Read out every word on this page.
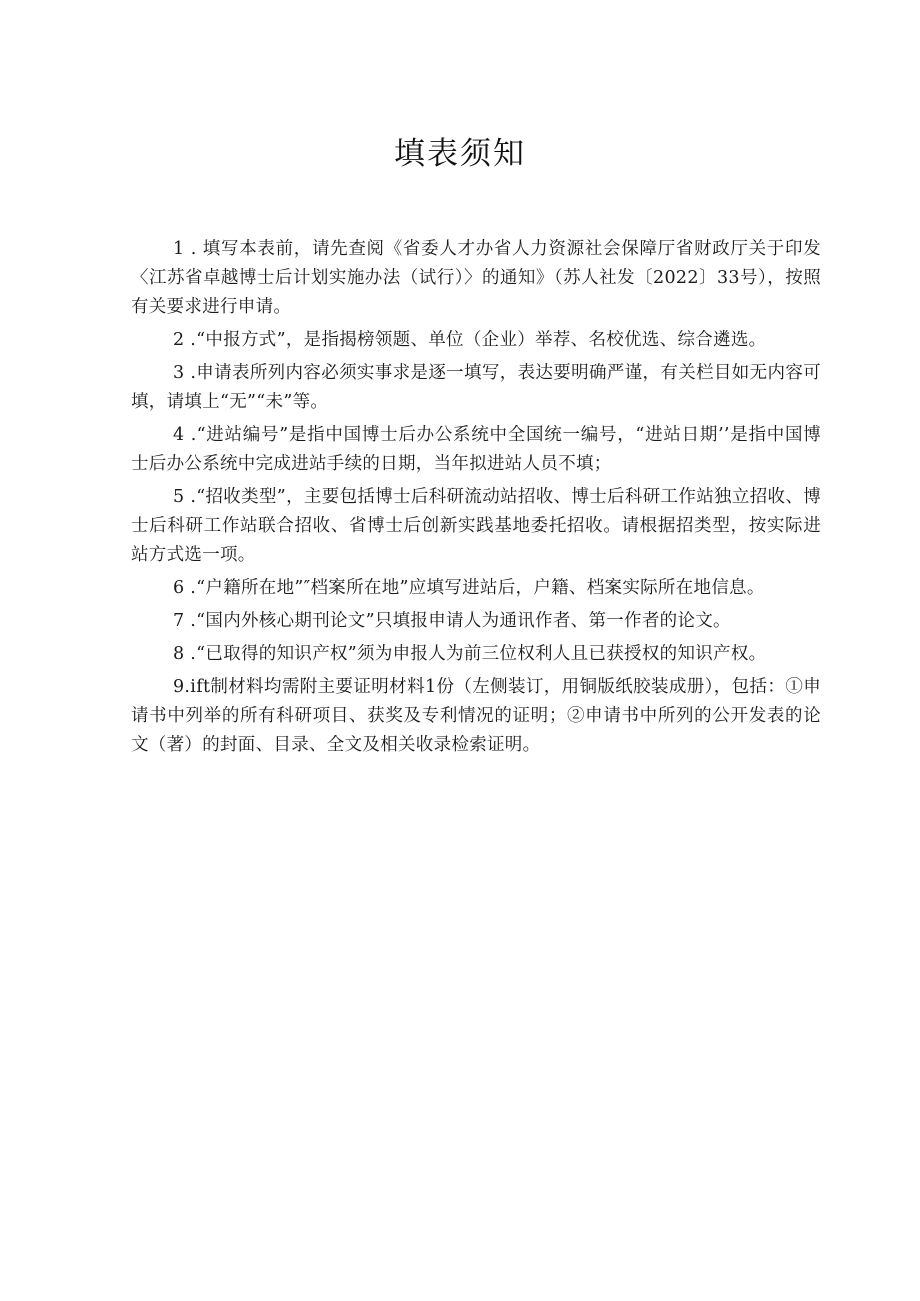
填表须知
1 . 填写本表前，请先查阅《省委人才办省人力资源社会保障厅省财政厅关于印发〈江苏省卓越博士后计划实施办法（试行）〉的通知》（苏人社发〔2022〕33号），按照有关要求进行申请。
2 .“中报方式”，是指揭榜领题、单位（企业）举荐、名校优选、综合遴选。
3 .申请表所列内容必须实事求是逐一填写，表达要明确严谨，有关栏目如无内容可填，请填上“无”“未”等。
4 .“进站编号”是指中国博士后办公系统中全国统一编号，“进站日期’’是指中国博士后办公系统中完成进站手续的日期，当年拟进站人员不填；
5 .“招收类型”，主要包括博士后科研流动站招收、博士后科研工作站独立招收、博士后科研工作站联合招收、省博士后创新实践基地委托招收。请根据招类型，按实际进站方式选一项。
6 .“户籍所在地”″档案所在地”应填写进站后，户籍、档案实际所在地信息。
7 .“国内外核心期刊论文”只填报申请人为通讯作者、第一作者的论文。
8 .“已取得的知识产权”须为申报人为前三位权利人且已获授权的知识产权。
9.ift制材料均需附主要证明材料1份（左侧装订，用铜版纸胶装成册），包括：①申请书中列举的所有科研项目、获奖及专利情况的证明；②申请书中所列的公开发表的论文（著）的封面、目录、全文及相关收录检索证明。
